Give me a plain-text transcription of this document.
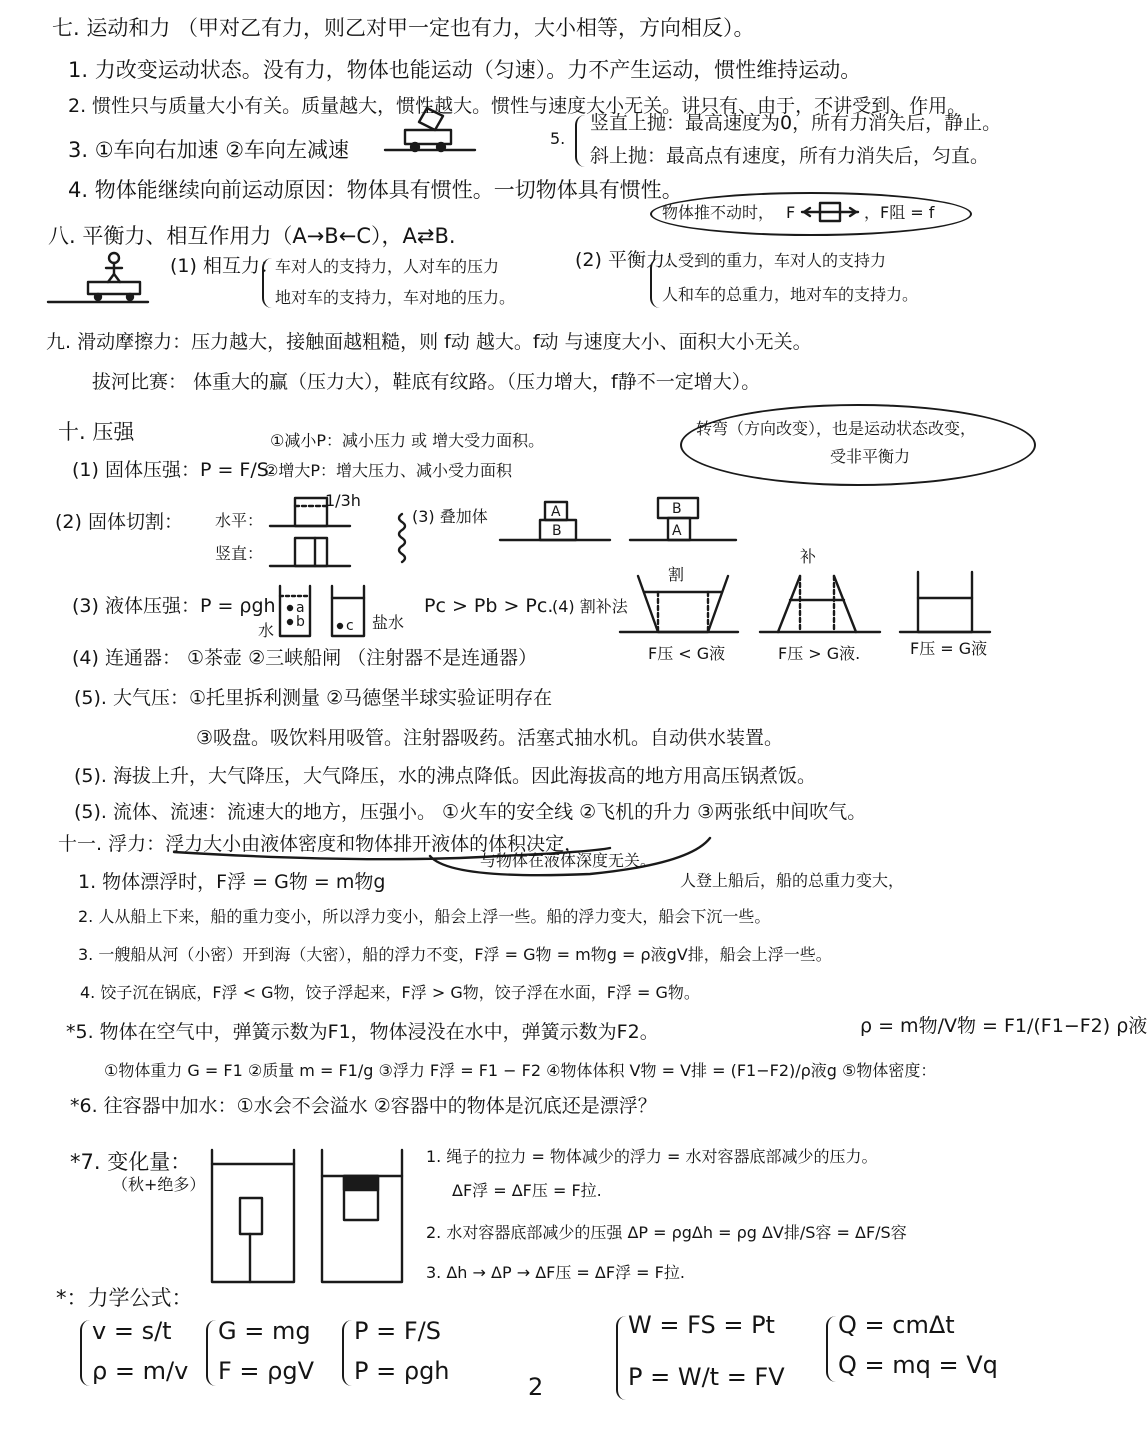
七. 运动和力 （甲对乙有力，则乙对甲一定也有力，大小相等，方向相反）。
1. 力改变运动状态。没有力，物体也能运动（匀速）。力不产生运动，惯性维持运动。
2. 惯性只与质量大小有关。质量越大，惯性越大。惯性与速度大小无关。讲只有、由于，不讲受到、作用。
3. ①车向右加速 ②车向左减速	5.
竖直上抛：最高速度为0，所有力消失后，静止。
斜上抛：最高点有速度，所有力消失后，匀直。
4. 物体能继续向前运动原因：物体具有惯性。一切物体具有惯性。
物体推不动时， F	，F阻 = f
八. 平衡力、相互作用力（A→B←C），A⇄B.
(1) 相互力：
车对人的支持力，人对车的压力
地对车的支持力，车对地的压力。
(2) 平衡力：
人受到的重力，车对人的支持力
人和车的总重力，地对车的支持力。
九. 滑动摩擦力：压力越大，接触面越粗糙，则 f动 越大。f动 与速度大小、面积大小无关。
拔河比赛： 体重大的赢（压力大），鞋底有纹路。（压力增大，f静不一定增大）。
十. 压强	转弯（方向改变），也是运动状态改变，
受非平衡力
①减小P：减小压力 或 增大受力面积。
(1) 固体压强：P = F/S
②增大P：增大压力、减小受力面积
(2) 固体切割： 水平：
竖直：
1/3h
(3) 叠加体	A
B
B
A
(3) 液体压强：P = ρgh
水
a
b	c 盐水
Pc > Pb > Pc.
(4) 割补法
割
补
F压 < G液	F压 > G液.	F压 = G液
(4) 连通器： ①茶壶 ②三峡船闸 （注射器不是连通器）
(5). 大气压：①托里拆利测量 ②马德堡半球实验证明存在
③吸盘。吸饮料用吸管。注射器吸药。活塞式抽水机。自动供水装置。
(5). 海拔上升，大气降压，大气降压，水的沸点降低。因此海拔高的地方用高压锅煮饭。
(5). 流体、流速：流速大的地方，压强小。 ①火车的安全线 ②飞机的升力 ③两张纸中间吹气。
十一. 浮力：浮力大小由液体密度和物体排开液体的体积决定，
与物体在液体深度无关。
1. 物体漂浮时，F浮 = G物 = m物g	人登上船后，船的总重力变大，
2. 人从船上下来，船的重力变小，所以浮力变小，船会上浮一些。船的浮力变大，船会下沉一些。
3. 一艘船从河（小密）开到海（大密），船的浮力不变，F浮 = G物 = m物g = ρ液gV排，船会上浮一些。
4. 饺子沉在锅底，F浮 < G物，饺子浮起来，F浮 > G物，饺子浮在水面，F浮 = G物。
*5. 物体在空气中，弹簧示数为F1，物体浸没在水中，弹簧示数为F2。	ρ = m物/V物 = F1/(F1−F2) ρ液
①物体重力 G = F1 ②质量 m = F1/g ③浮力 F浮 = F1 − F2 ④物体体积 V物 = V排 = (F1−F2)/ρ液g ⑤物体密度：
*6. 往容器中加水：①水会不会溢水 ②容器中的物体是沉底还是漂浮？
*7. 变化量：
（秋+绝多）
1. 绳子的拉力 = 物体减少的浮力 = 水对容器底部减少的压力。
ΔF浮 = ΔF压 = F拉.
2. 水对容器底部减少的压强 ΔP = ρgΔh = ρg ΔV排/S容 = ΔF/S容
3. Δh → ΔP → ΔF压 = ΔF浮 = F拉.
*：力学公式：
v = s/t
ρ = m/v
G = mg
F = ρgV
P = F/S
P = ρgh
2
W = FS = Pt
P = W/t = FV
Q = cmΔt
Q = mq = Vq
